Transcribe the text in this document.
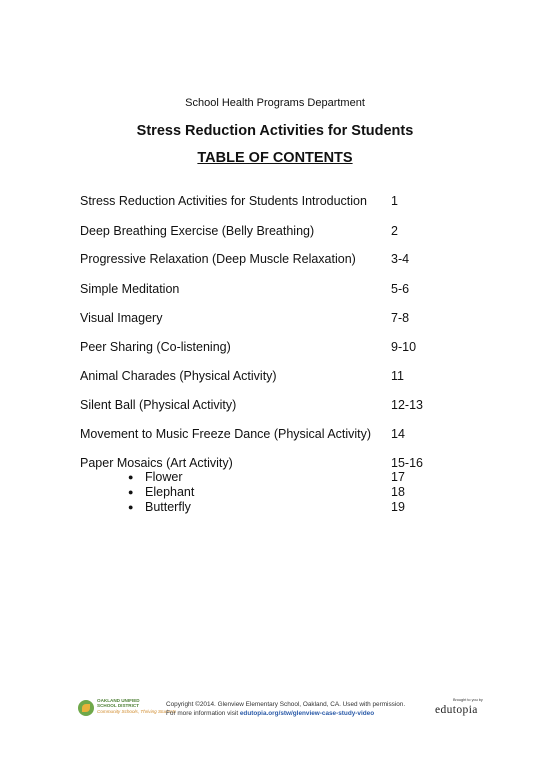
School Health Programs Department
Stress Reduction Activities for Students
TABLE OF CONTENTS
Stress Reduction Activities for Students Introduction 1
Deep Breathing Exercise (Belly Breathing)	2
Progressive Relaxation (Deep Muscle Relaxation)	3-4
Simple Meditation	5-6
Visual Imagery	7-8
Peer Sharing (Co-listening)	9-10
Animal Charades (Physical Activity)	11
Silent Ball (Physical Activity)	12-13
Movement to Music Freeze Dance (Physical Activity) 14
Paper Mosaics (Art Activity)	15-16
● Flower	17
● Elephant	18
● Butterfly	19
OAKLAND UNIFIED
SCHOOL DISTRICT
Community Schools, Thriving Students
Copyright ©2014. Glenview Elementary School, Oakland, CA. Used with permission.
For more information visit edutopia.org/stw/glenview-case-study-video
Brought to you by
edutopia
